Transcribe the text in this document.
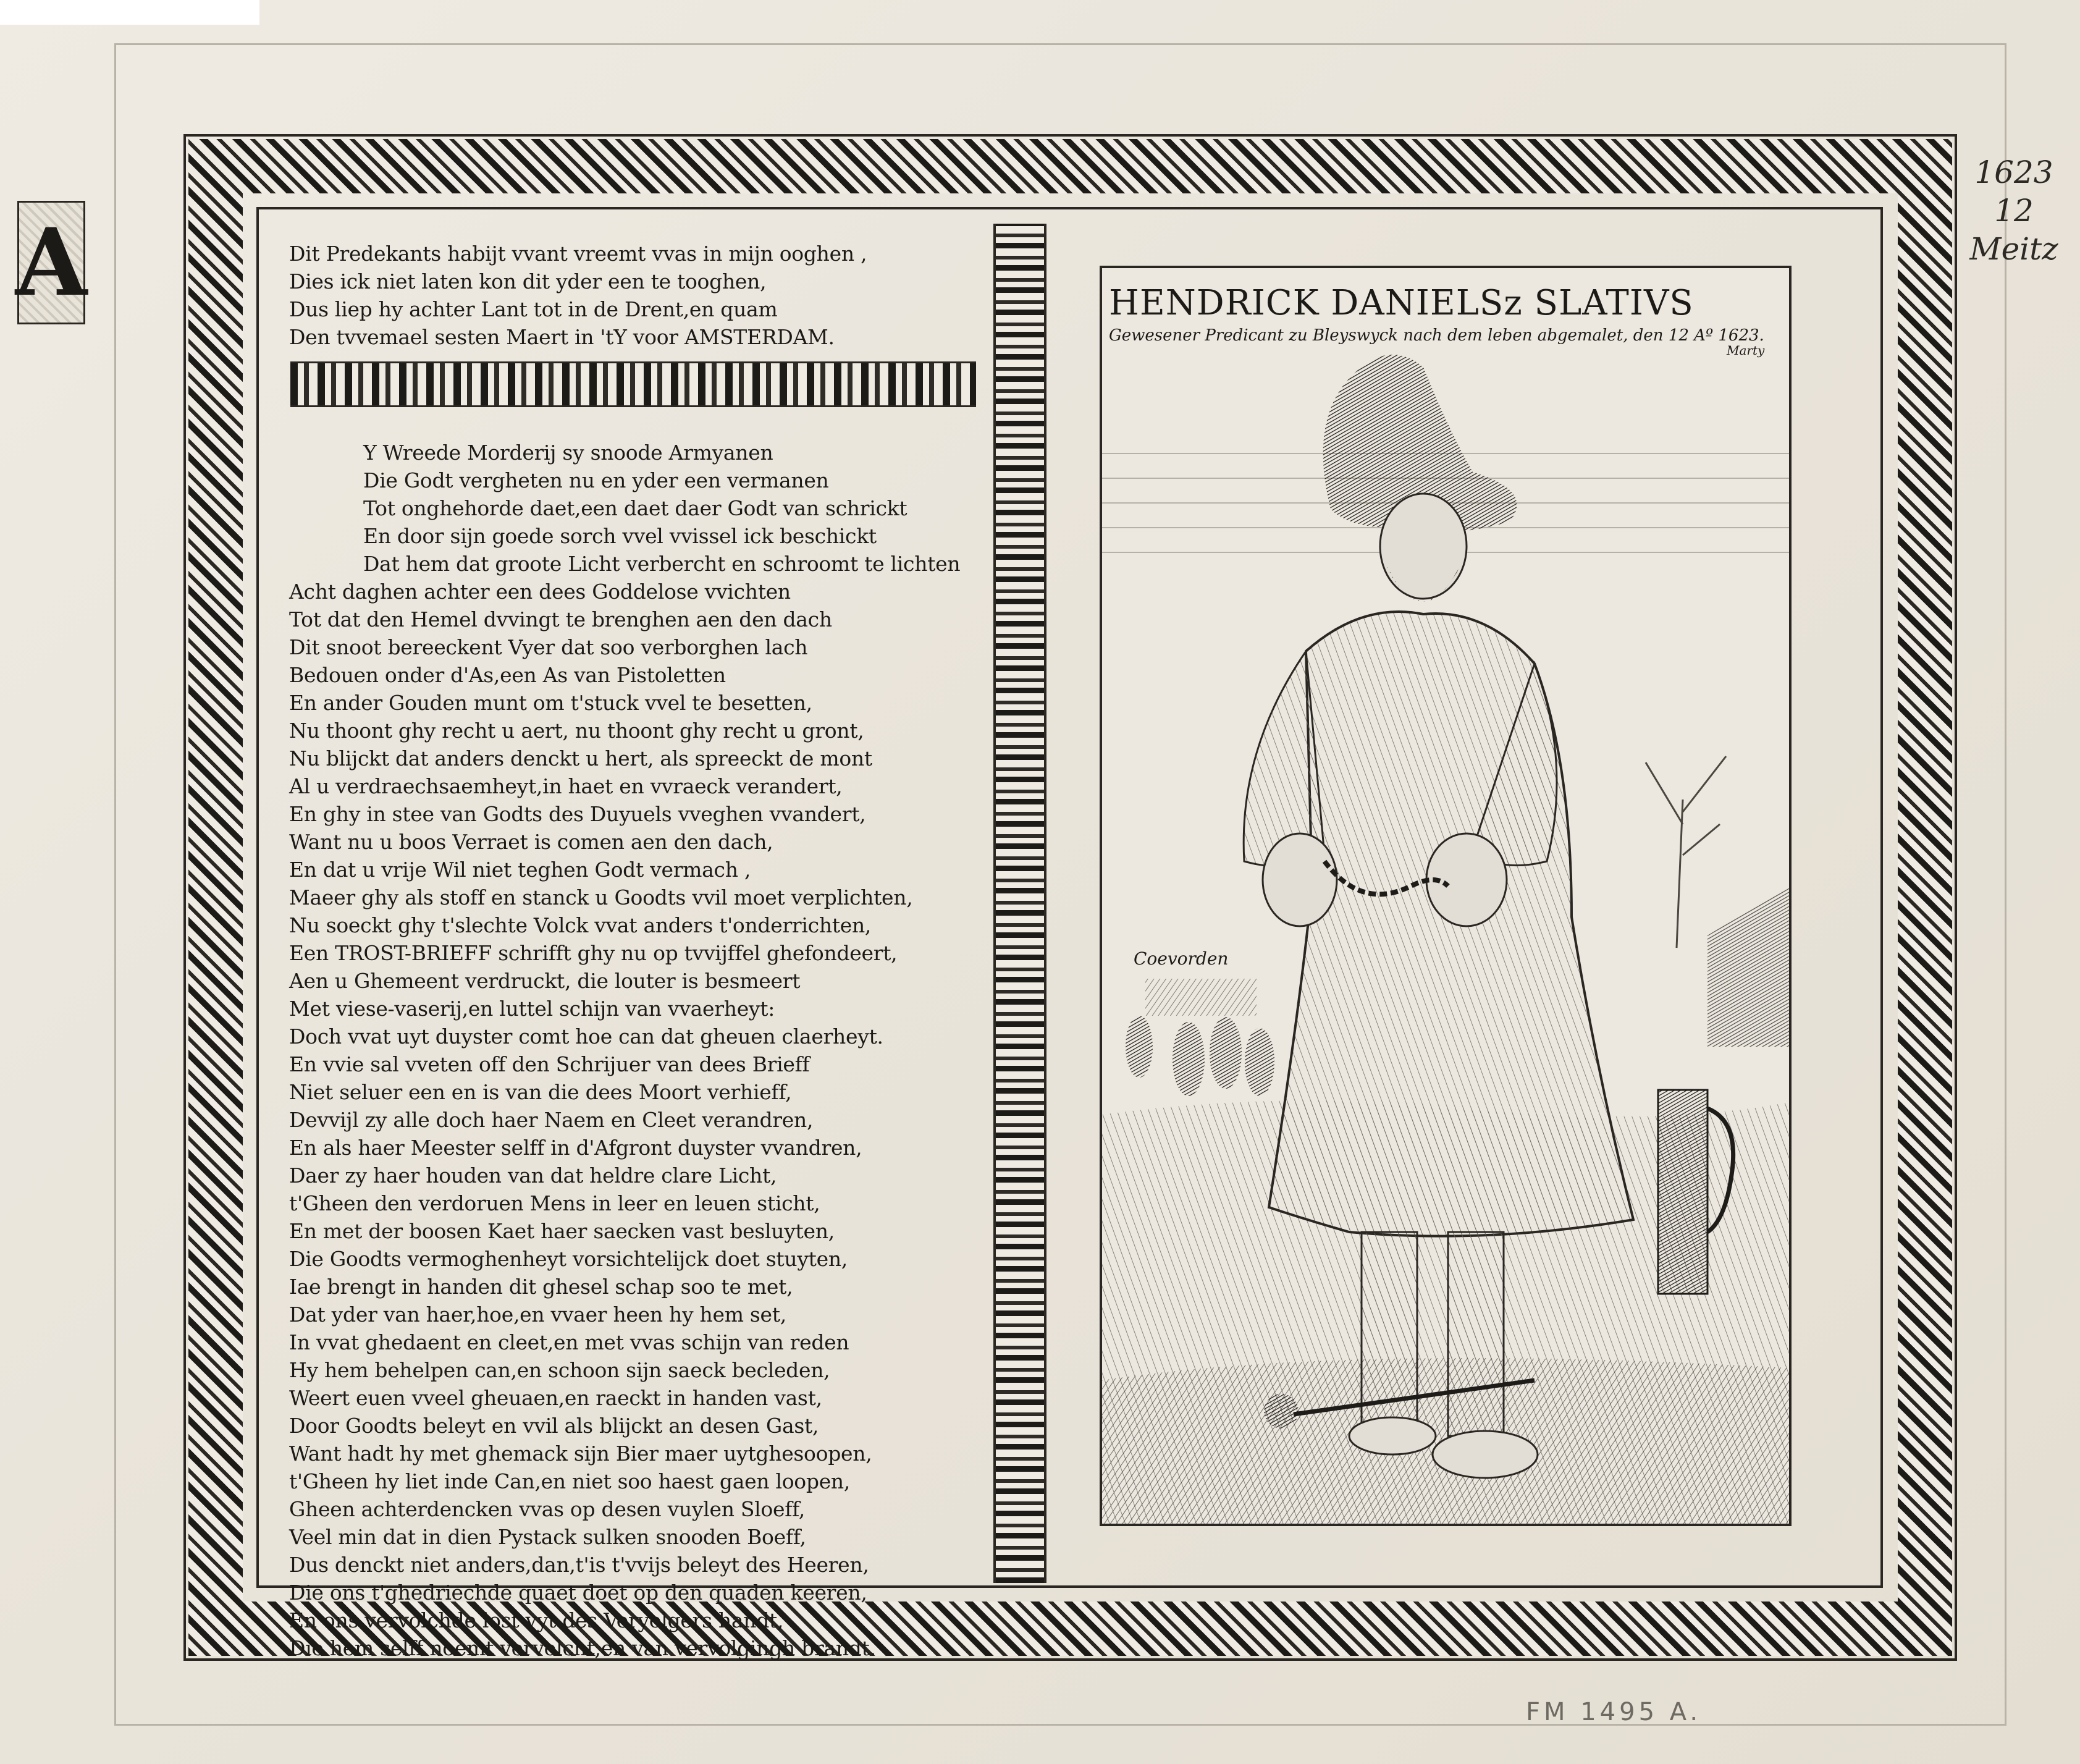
Dit Predekants habijt vvant vreemt vvas in mijn ooghen ,
Dies ick niet laten kon dit yder een te tooghen,
Dus liep hy achter Lant tot in de Drent,en quam
Den tvvemael sesten Maert in 'tY voor AMSTERDAM.
Y Wreede Morderij sy snoode Armyanen
Die Godt vergheten nu en yder een vermanen
Tot onghehorde daet,een daet daer Godt van schrickt
En door sijn goede sorch vvel vvissel ick beschickt
Dat hem dat groote Licht verbercht en schroomt te lichten
Acht daghen achter een dees Goddelose vvichten
Tot dat den Hemel dvvingt te brenghen aen den dach
Dit snoot bereeckent Vyer dat soo verborghen lach
Bedouen onder d'As,een As van Pistoletten
En ander Gouden munt om t'stuck vvel te besetten,
Nu thoont ghy recht u aert, nu thoont ghy recht u gront,
Nu blijckt dat anders denckt u hert, als spreeckt de mont
Al u verdraechsaemheyt,in haet en vvraeck verandert,
En ghy in stee van Godts des Duyuels vveghen vvandert,
Want nu u boos Verraet is comen aen den dach,
En dat u vrije Wil niet teghen Godt vermach ,
Maeer ghy als stoff en stanck u Goodts vvil moet verplichten,
Nu soeckt ghy t'slechte Volck vvat anders t'onderrichten,
Een TROST-BRIEFF schrifft ghy nu op tvvijffel ghefondeert,
Aen u Ghemeent verdruckt, die louter is besmeert
Met viese-vaserij,en luttel schijn van vvaerheyt:
Doch vvat uyt duyster comt hoe can dat gheuen claerheyt.
En vvie sal vveten off den Schrijuer van dees Brieff
Niet seluer een en is van die dees Moort verhieff,
Devvijl zy alle doch haer Naem en Cleet verandren,
En als haer Meester selff in d'Afgront duyster vvandren,
Daer zy haer houden van dat heldre clare Licht,
t'Gheen den verdoruen Mens in leer en leuen sticht,
En met der boosen Kaet haer saecken vast besluyten,
Die Goodts vermoghenheyt vorsichtelijck doet stuyten,
Iae brengt in handen dit ghesel schap soo te met,
Dat yder van haer,hoe,en vvaer heen hy hem set,
In vvat ghedaent en cleet,en met vvas schijn van reden
Hy hem behelpen can,en schoon sijn saeck becleden,
Weert euen vveel gheuaen,en raeckt in handen vast,
Door Goodts beleyt en vvil als blijckt an desen Gast,
Want hadt hy met ghemack sijn Bier maer uytghesoopen,
t'Gheen hy liet inde Can,en niet soo haest gaen loopen,
Gheen achterdencken vvas op desen vuylen Sloeff,
Veel min dat in dien Pystack sulken snooden Boeff,
Dus denckt niet anders,dan,t'is t'vvijs beleyt des Heeren,
Die ons t'ghedriechde quaet doet op den quaden keeren,
En ons vervolchde lost vyt des Veryolgers handt,
Die hem selff noemt vervolcht,en van vervolgingh brandt.
A	HENDRICK DANIELSz SLATIVS
Gewesener Predicant zu Bleyswyck nach dem leben abgemalet, den 12 Aº 1623.
Marty
Coevorden
1623
12
Meitz
FM 1495 A.
